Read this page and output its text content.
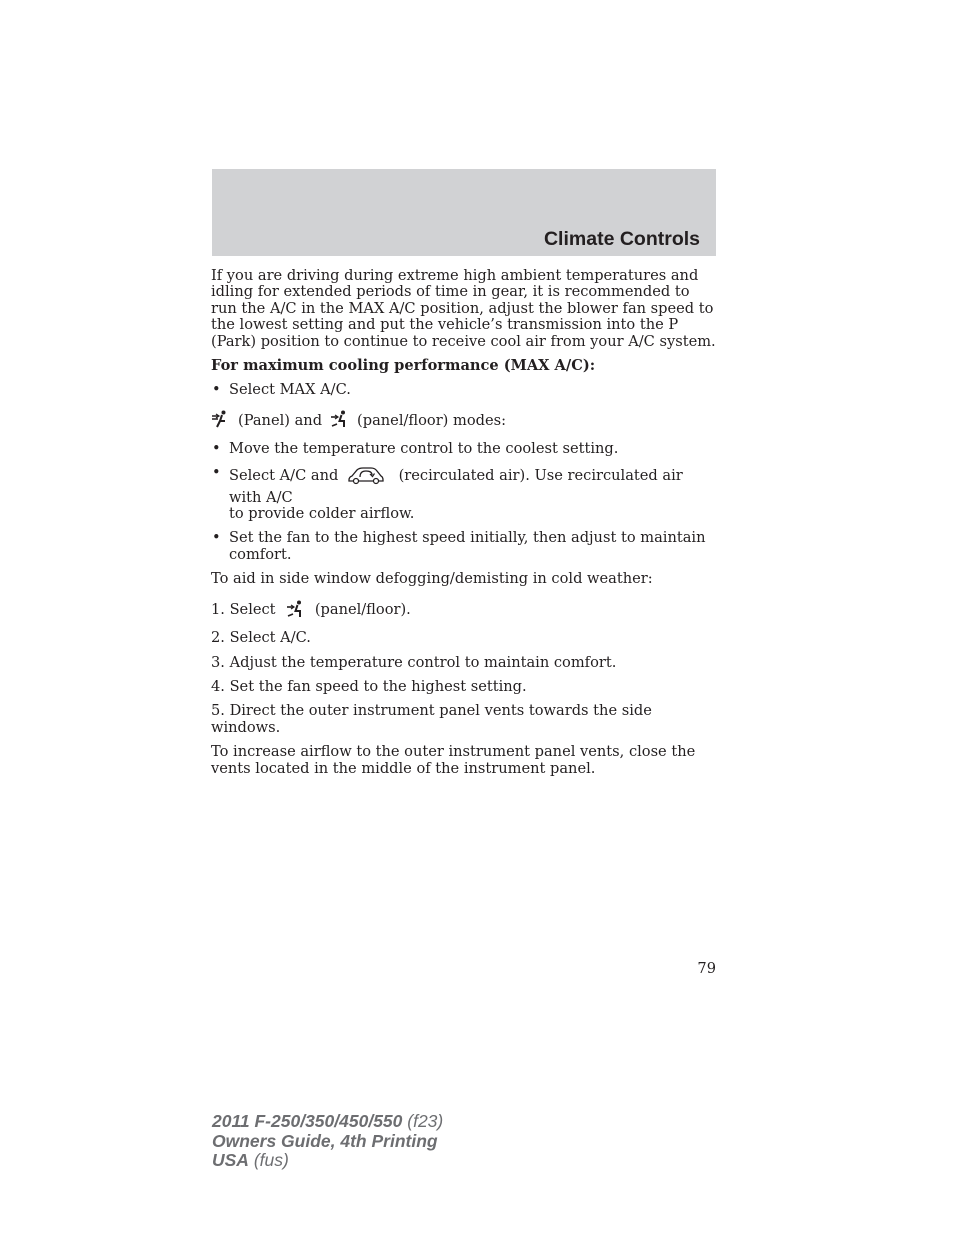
Climate Controls

If you are driving during extreme high ambient temperatures and idling for extended periods of time in gear, it is recommended to run the A/C in the MAX A/C position, adjust the blower fan speed to the lowest setting and put the vehicle’s transmission into the P (Park) position to continue to receive cool air from your A/C system.

For maximum cooling performance (MAX A/C):

• Select MAX A/C.
(Panel) and (panel/floor) modes:
• Move the temperature control to the coolest setting.
• Select A/C and	(recirculated air). Use recirculated air with A/C
to provide colder airflow.
• Set the fan to the highest speed initially, then adjust to maintain comfort.

To aid in side window defogging/demisting in cold weather:

1. Select	(panel/floor).

2. Select A/C.

3. Adjust the temperature control to maintain comfort.

4. Set the fan speed to the highest setting.

5. Direct the outer instrument panel vents towards the side windows.

To increase airflow to the outer instrument panel vents, close the vents located in the middle of the instrument panel.

79
2011 F-250/350/450/550 (f23)
Owners Guide, 4th Printing
USA (fus)
